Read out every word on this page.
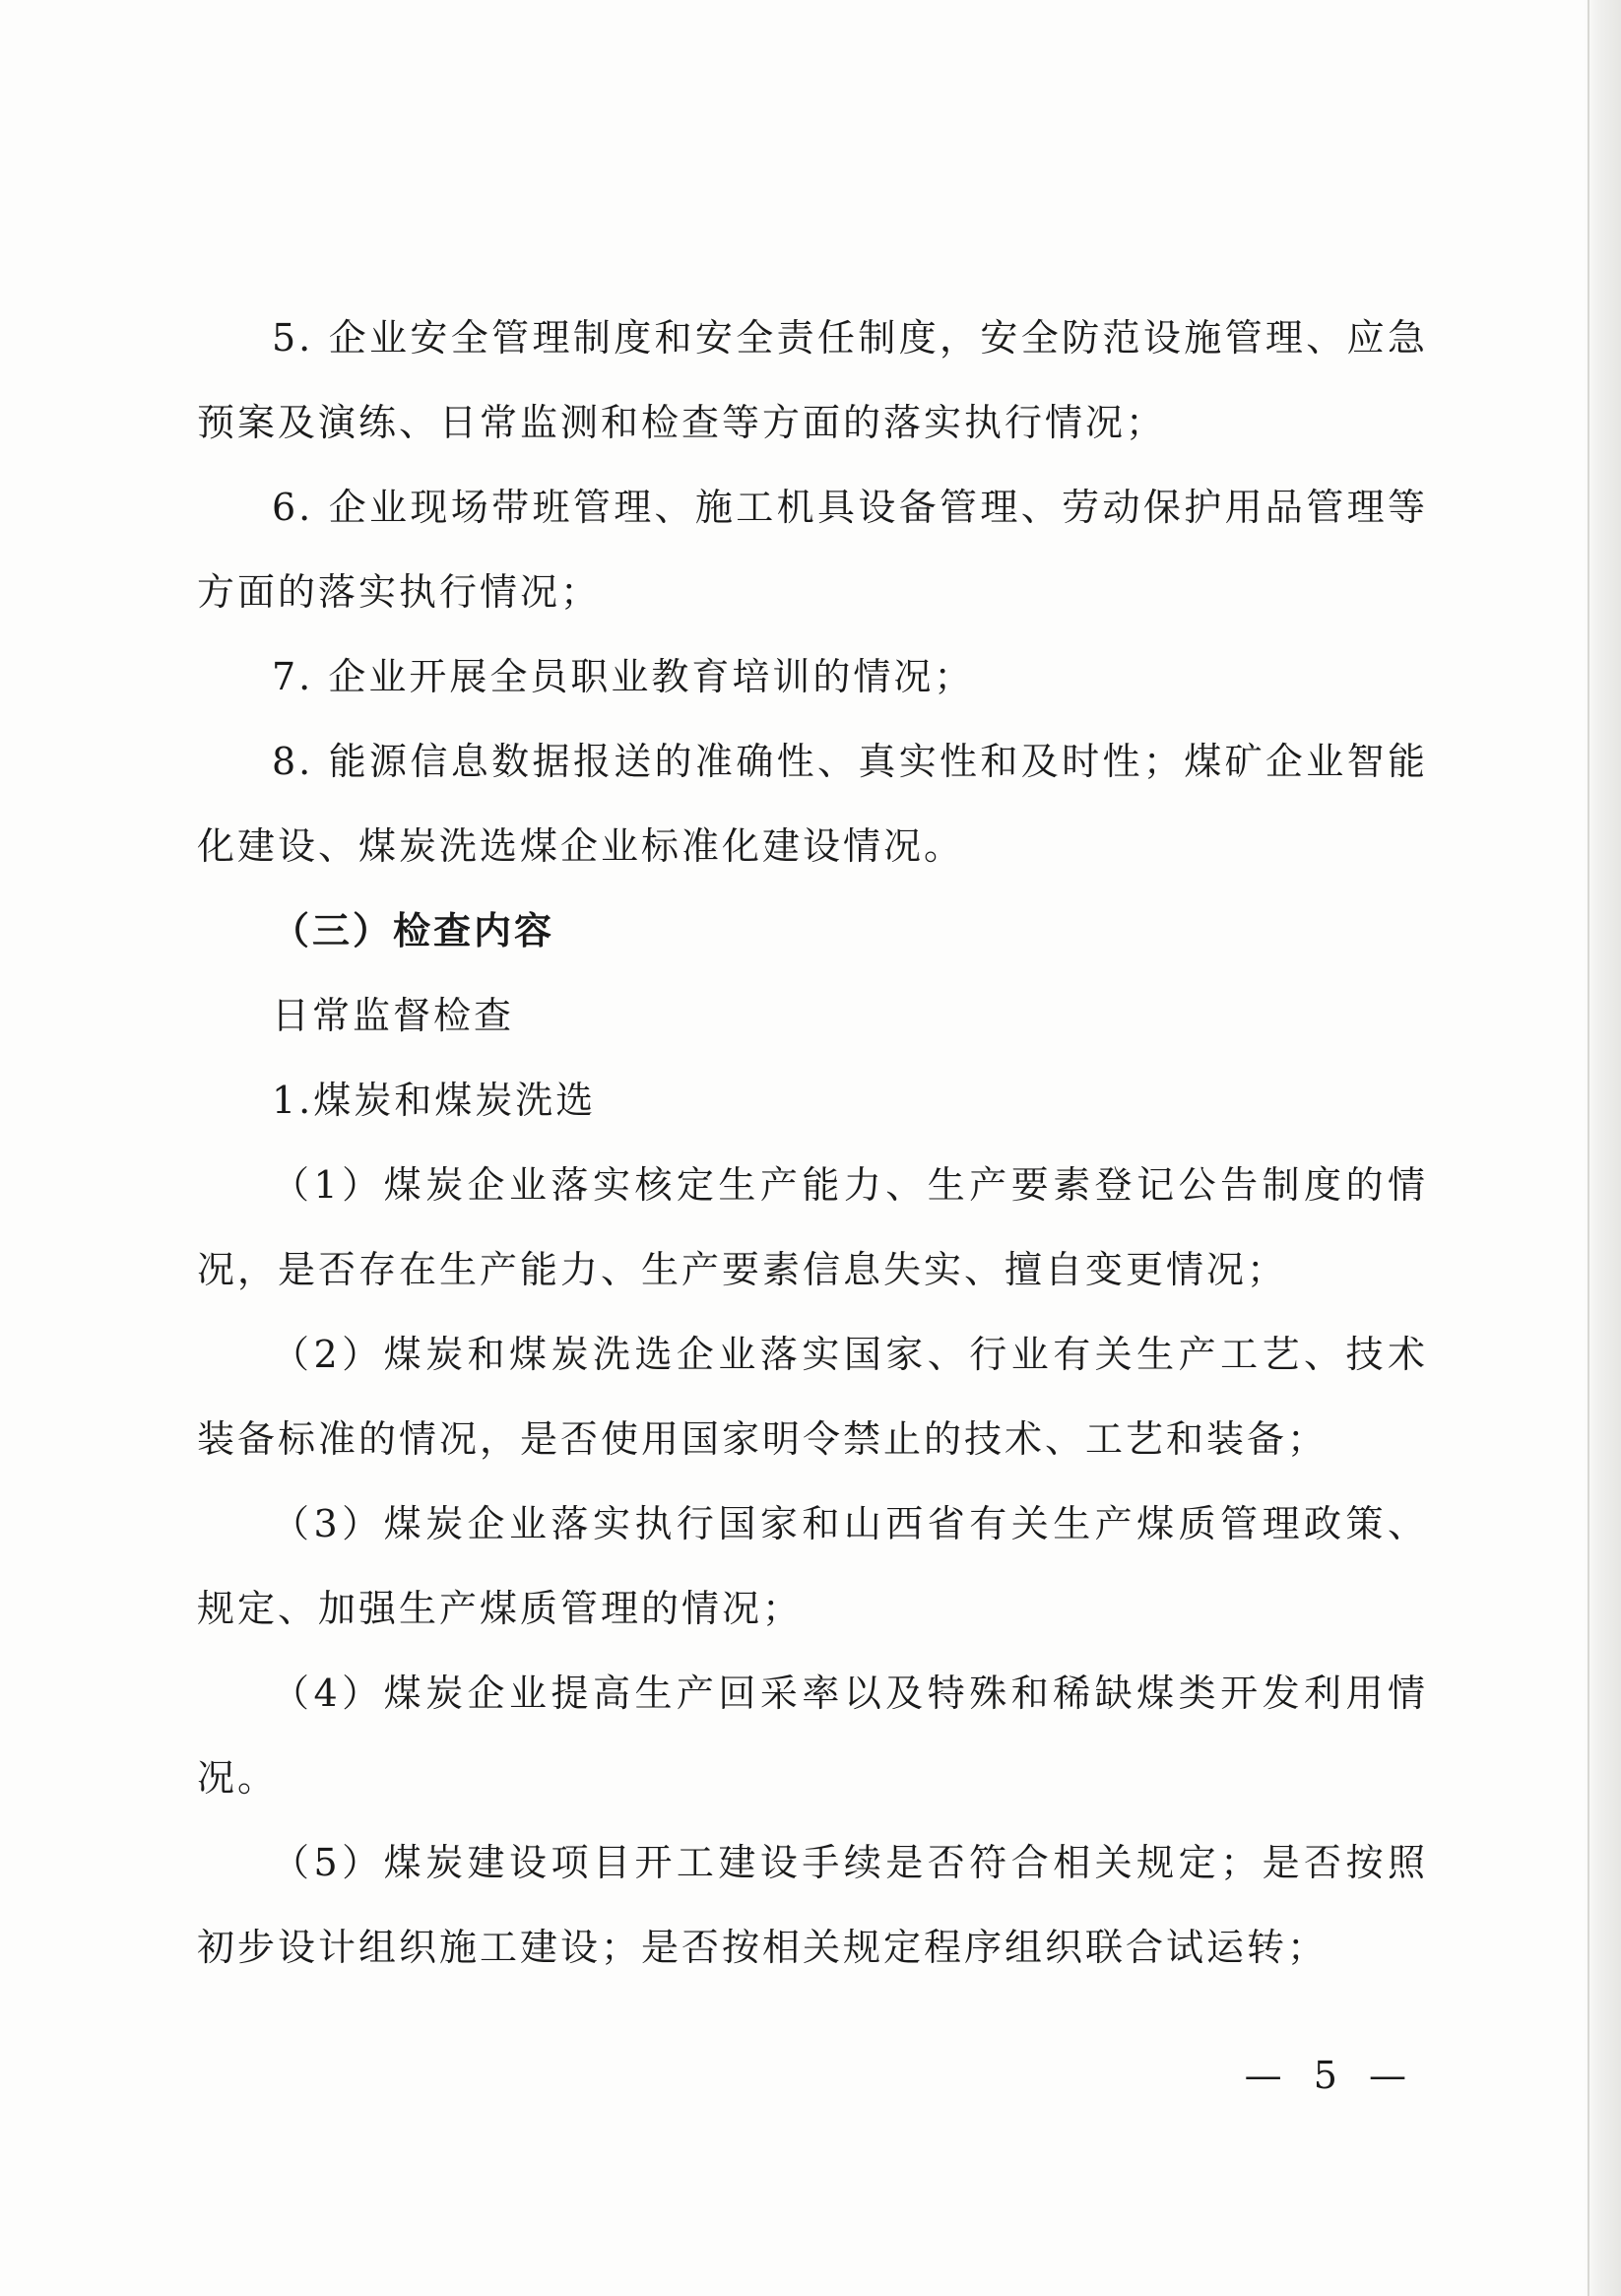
5. 企业安全管理制度和安全责任制度，安全防范设施管理、应急预案及演练、日常监测和检查等方面的落实执行情况；

6. 企业现场带班管理、施工机具设备管理、劳动保护用品管理等方面的落实执行情况；

7. 企业开展全员职业教育培训的情况；

8. 能源信息数据报送的准确性、真实性和及时性；煤矿企业智能化建设、煤炭洗选煤企业标准化建设情况。

（三）检查内容

日常监督检查

1.煤炭和煤炭洗选

（1）煤炭企业落实核定生产能力、生产要素登记公告制度的情况，是否存在生产能力、生产要素信息失实、擅自变更情况；

（2）煤炭和煤炭洗选企业落实国家、行业有关生产工艺、技术装备标准的情况，是否使用国家明令禁止的技术、工艺和装备；

（3）煤炭企业落实执行国家和山西省有关生产煤质管理政策、规定、加强生产煤质管理的情况；

（4）煤炭企业提高生产回采率以及特殊和稀缺煤类开发利用情况。

（5）煤炭建设项目开工建设手续是否符合相关规定；是否按照初步设计组织施工建设；是否按相关规定程序组织联合试运转；

— 5 —
